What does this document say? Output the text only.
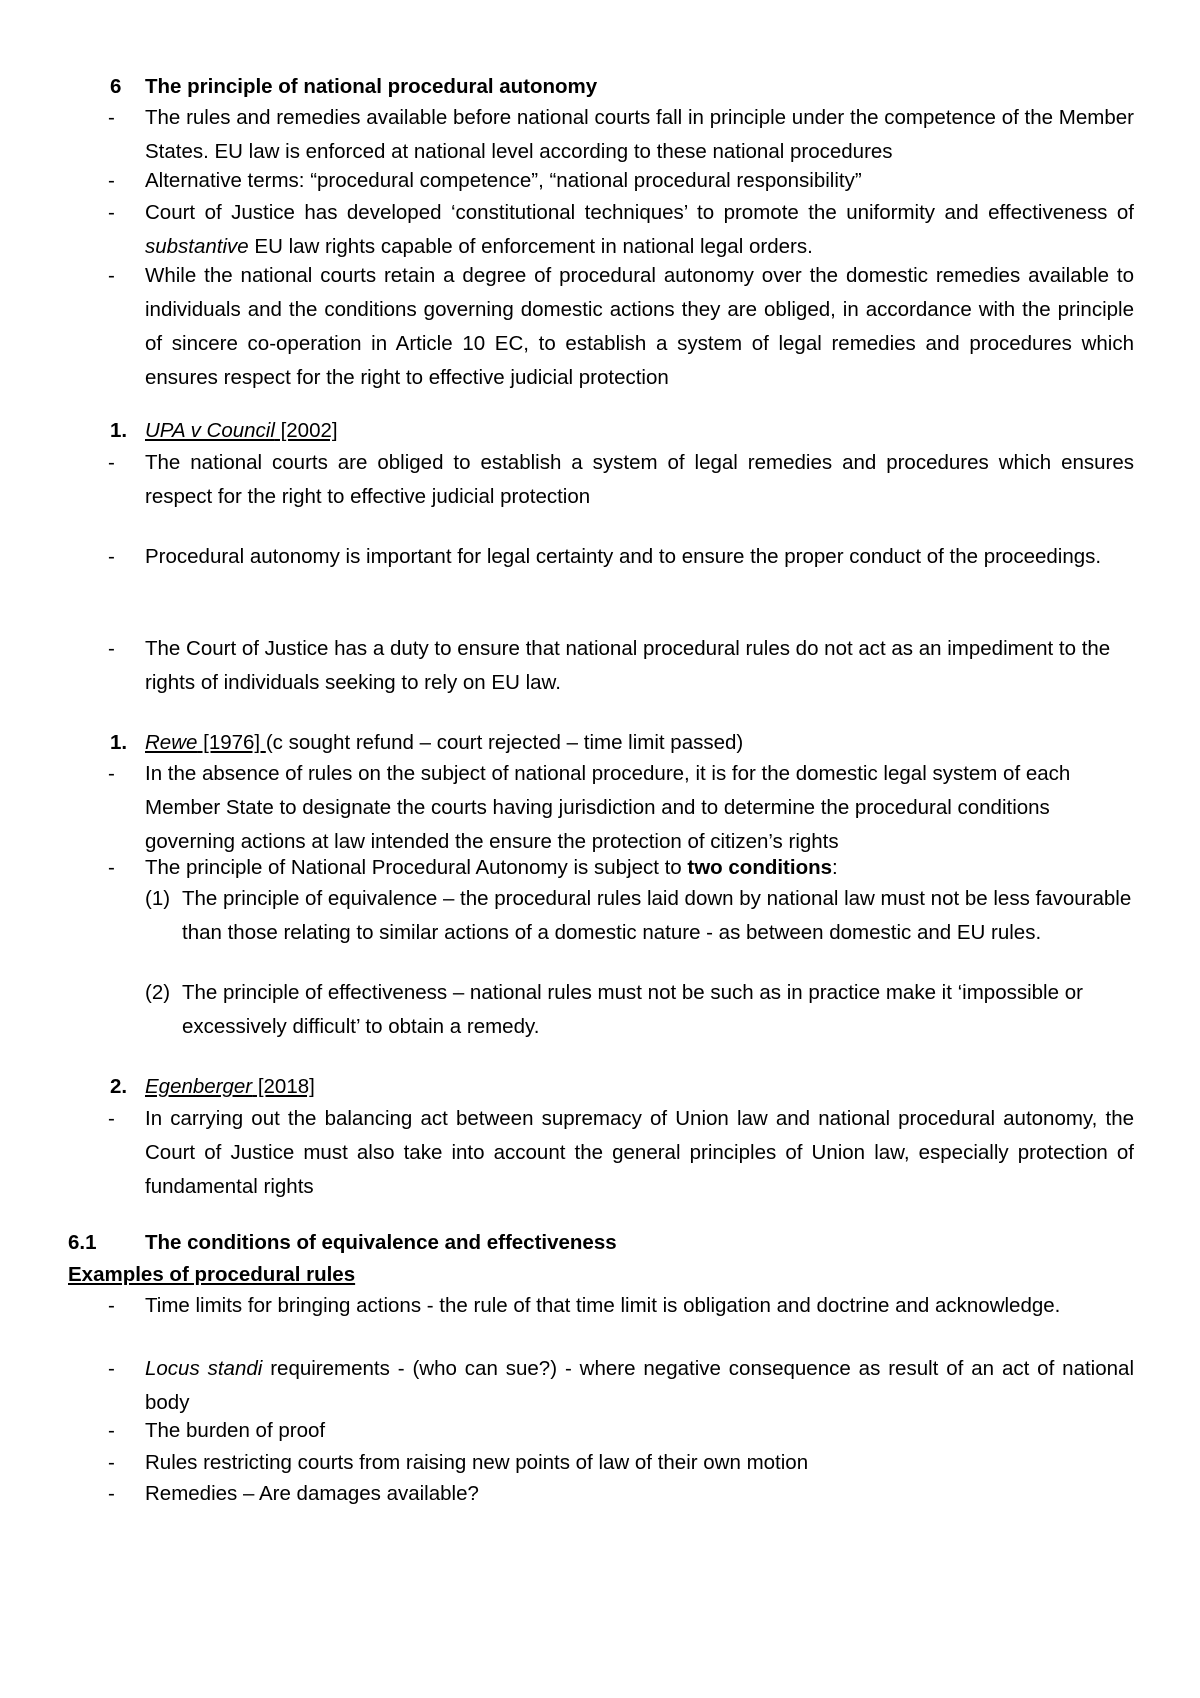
6 The principle of national procedural autonomy
- The rules and remedies available before national courts fall in principle under the competence of the Member States. EU law is enforced at national level according to these national procedures
- Alternative terms: “procedural competence”, “national procedural responsibility”
- Court of Justice has developed ‘constitutional techniques’ to promote the uniformity and effectiveness of substantive EU law rights capable of enforcement in national legal orders.
- While the national courts retain a degree of procedural autonomy over the domestic remedies available to individuals and the conditions governing domestic actions they are obliged, in accordance with the principle of sincere co-operation in Article 10 EC, to establish a system of legal remedies and procedures which ensures respect for the right to effective judicial protection
1. UPA v Council [2002]
- The national courts are obliged to establish a system of legal remedies and procedures which ensures respect for the right to effective judicial protection
- Procedural autonomy is important for legal certainty and to ensure the proper conduct of the proceedings.
- The Court of Justice has a duty to ensure that national procedural rules do not act as an impediment to the rights of individuals seeking to rely on EU law.
1. Rewe [1976] (c sought refund – court rejected – time limit passed)
- In the absence of rules on the subject of national procedure, it is for the domestic legal system of each Member State to designate the courts having jurisdiction and to determine the procedural conditions governing actions at law intended the ensure the protection of citizen’s rights
- The principle of National Procedural Autonomy is subject to two conditions:
(1) The principle of equivalence – the procedural rules laid down by national law must not be less favourable than those relating to similar actions of a domestic nature - as between domestic and EU rules.
(2) The principle of effectiveness – national rules must not be such as in practice make it ‘impossible or excessively difficult’ to obtain a remedy.
2. Egenberger [2018]
- In carrying out the balancing act between supremacy of Union law and national procedural autonomy, the Court of Justice must also take into account the general principles of Union law, especially protection of fundamental rights
6.1 The conditions of equivalence and effectiveness
Examples of procedural rules
- Time limits for bringing actions - the rule of that time limit is obligation and doctrine and acknowledge.
- Locus standi requirements - (who can sue?) - where negative consequence as result of an act of national body
- The burden of proof
- Rules restricting courts from raising new points of law of their own motion
- Remedies – Are damages available?
